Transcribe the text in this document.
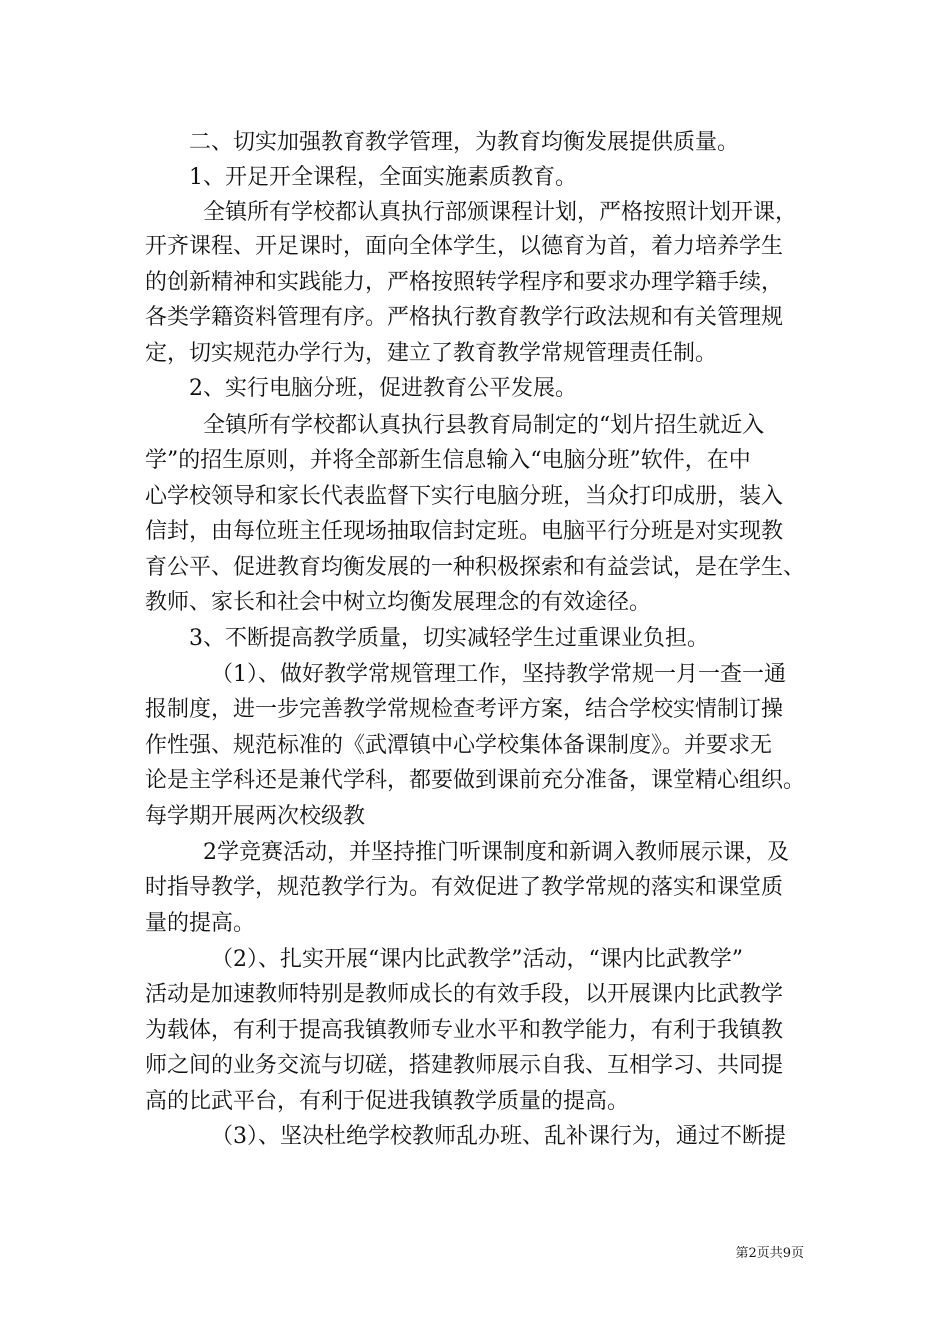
二、切实加强教育教学管理，为教育均衡发展提供质量。
1、开足开全课程，全面实施素质教育。
全镇所有学校都认真执行部颁课程计划，严格按照计划开课，
开齐课程、开足课时，面向全体学生，以德育为首，着力培养学生
的创新精神和实践能力，严格按照转学程序和要求办理学籍手续，
各类学籍资料管理有序。严格执行教育教学行政法规和有关管理规
定，切实规范办学行为，建立了教育教学常规管理责任制。
2、实行电脑分班，促进教育公平发展。
全镇所有学校都认真执行县教育局制定的“划片招生就近入
学”的招生原则，并将全部新生信息输入“电脑分班”软件，在中
心学校领导和家长代表监督下实行电脑分班，当众打印成册，装入
信封，由每位班主任现场抽取信封定班。电脑平行分班是对实现教
育公平、促进教育均衡发展的一种积极探索和有益尝试，是在学生、
教师、家长和社会中树立均衡发展理念的有效途径。
3、不断提高教学质量，切实减轻学生过重课业负担。
（1）、做好教学常规管理工作，坚持教学常规一月一查一通
报制度，进一步完善教学常规检查考评方案，结合学校实情制订操
作性强、规范标准的《武潭镇中心学校集体备课制度》。并要求无
论是主学科还是兼代学科，都要做到课前充分准备，课堂精心组织。
每学期开展两次校级教
2学竞赛活动，并坚持推门听课制度和新调入教师展示课，及
时指导教学，规范教学行为。有效促进了教学常规的落实和课堂质
量的提高。
（2）、扎实开展“课内比武教学”活动，“课内比武教学”
活动是加速教师特别是教师成长的有效手段，以开展课内比武教学
为载体，有利于提高我镇教师专业水平和教学能力，有利于我镇教
师之间的业务交流与切磋，搭建教师展示自我、互相学习、共同提
高的比武平台，有利于促进我镇教学质量的提高。
（3）、坚决杜绝学校教师乱办班、乱补课行为，通过不断提
第2页共9页
